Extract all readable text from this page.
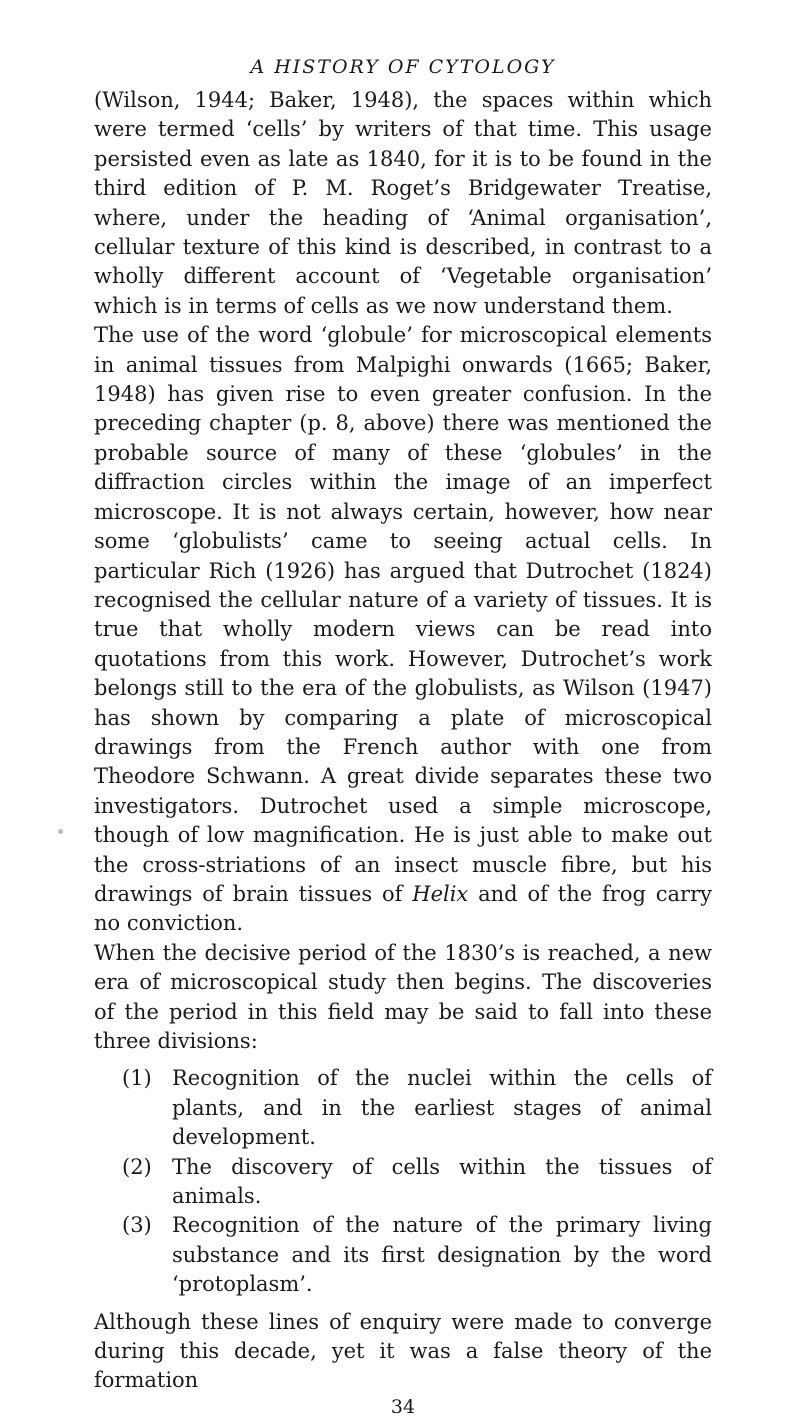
A HISTORY OF CYTOLOGY

(Wilson, 1944; Baker, 1948), the spaces within which were termed ‘cells’ by writers of that time. This usage persisted even as late as 1840, for it is to be found in the third edition of P. M. Roget’s Bridgewater Treatise, where, under the heading of ‘Animal organisation’, cellular texture of this kind is described, in contrast to a wholly different account of ‘Vegetable organisation’ which is in terms of cells as we now understand them.

The use of the word ‘globule’ for microscopical elements in animal tissues from Malpighi onwards (1665; Baker, 1948) has given rise to even greater confusion. In the preceding chapter (p. 8, above) there was mentioned the probable source of many of these ‘globules’ in the diffraction circles within the image of an imperfect microscope. It is not always certain, however, how near some ‘globulists’ came to seeing actual cells. In particular Rich (1926) has argued that Dutrochet (1824) recognised the cellular nature of a variety of tissues. It is true that wholly modern views can be read into quotations from this work. However, Dutrochet’s work belongs still to the era of the globulists, as Wilson (1947) has shown by comparing a plate of microscopical drawings from the French author with one from Theodore Schwann. A great divide separates these two investigators. Dutrochet used a simple microscope, though of low magnification. He is just able to make out the cross-striations of an insect muscle fibre, but his drawings of brain tissues of Helix and of the frog carry no conviction.

When the decisive period of the 1830’s is reached, a new era of microscopical study then begins. The discoveries of the period in this field may be said to fall into these three divisions:

(1) Recognition of the nuclei within the cells of plants, and in the earliest stages of animal development.
(2) The discovery of cells within the tissues of animals.
(3) Recognition of the nature of the primary living substance and its first designation by the word ‘protoplasm’.

Although these lines of enquiry were made to converge during this decade, yet it was a false theory of the formation

34
